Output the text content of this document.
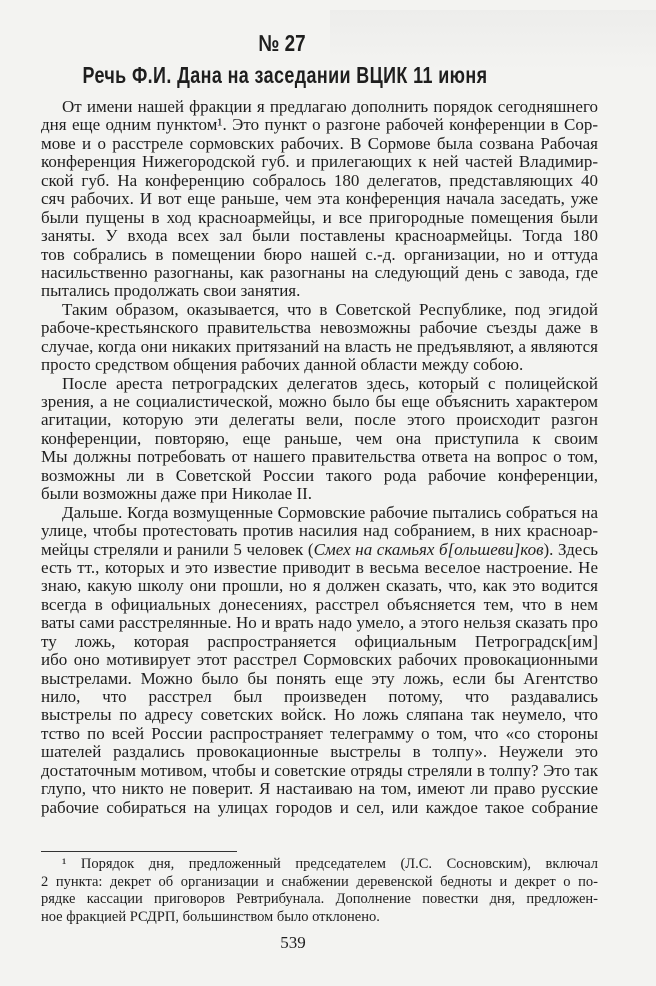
№ 27
Речь Ф.И. Дана на заседании ВЦИК 11 июня
От имени нашей фракции я предлагаю дополнить порядок сегодняшнего
дня еще одним пунктом¹. Это пункт о разгоне рабочей конференции в Сор-
мове и о расстреле сормовских рабочих. В Сормове была созвана Рабочая
конференция Нижегородской губ. и прилегающих к ней частей Владимир-
ской губ. На конференцию собралось 180 делегатов, представляющих 40
сяч рабочих. И вот еще раньше, чем эта конференция начала заседать, уже
были пущены в ход красноармейцы, и все пригородные помещения были
заняты. У входа всех зал были поставлены красноармейцы. Тогда 180
тов собрались в помещении бюро нашей с.-д. организации, но и оттуда
насильственно разогнаны, как разогнаны на следующий день с завода, где
пытались продолжать свои занятия.
Таким образом, оказывается, что в Советской Республике, под эгидой
рабоче-крестьянского правительства невозможны рабочие съезды даже в
случае, когда они никаких притязаний на власть не предъявляют, а являются
просто средством общения рабочих данной области между собою.
После ареста петроградских делегатов здесь, который с полицейской
зрения, а не социалистической, можно было бы еще объяснить характером
агитации, которую эти делегаты вели, после этого происходит разгон
конференции, повторяю, еще раньше, чем она приступила к своим
Мы должны потребовать от нашего правительства ответа на вопрос о том,
возможны ли в Советской России такого рода рабочие конференции,
были возможны даже при Николае II.
Дальше. Когда возмущенные Сормовские рабочие пытались собраться на
улице, чтобы протестовать против насилия над собранием, в них красноар-
мейцы стреляли и ранили 5 человек (Смех на скамьях б[ольшеви]ков). Здесь
есть тт., которых и это известие приводит в весьма веселое настроение. Не
знаю, какую школу они прошли, но я должен сказать, что, как это водится
всегда в официальных донесениях, расстрел объясняется тем, что в нем
ваты сами расстрелянные. Но и врать надо умело, а этого нельзя сказать про
ту ложь, которая распространяется официальным Петроградск[им]
ибо оно мотивирует этот расстрел Сормовских рабочих провокационными
выстрелами. Можно было бы понять еще эту ложь, если бы Агентство
нило, что расстрел был произведен потому, что раздавались
выстрелы по адресу советских войск. Но ложь сляпана так неумело, что
тство по всей России распространяет телеграмму о том, что «со стороны
шателей раздались провокационные выстрелы в толпу». Неужели это
достаточным мотивом, чтобы и советские отряды стреляли в толпу? Это так
глупо, что никто не поверит. Я настаиваю на том, имеют ли право русские
рабочие собираться на улицах городов и сел, или каждое такое собрание
¹ Порядок дня, предложенный председателем (Л.С. Сосновским), включал
2 пункта: декрет об организации и снабжении деревенской бедноты и декрет о по-
рядке кассации приговоров Ревтрибунала. Дополнение повестки дня, предложен-
ное фракцией РСДРП, большинством было отклонено.
539
